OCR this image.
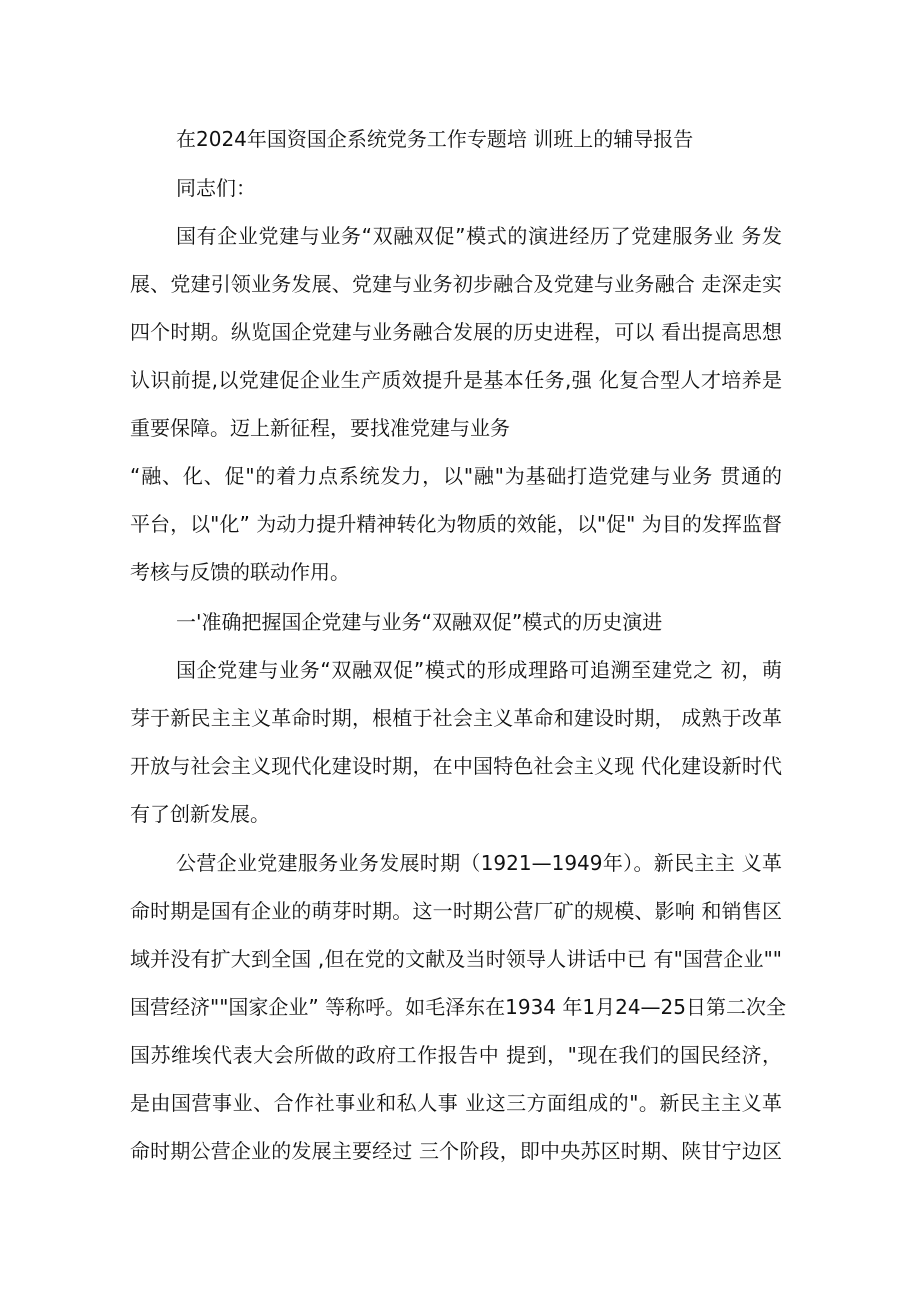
在2024年国资国企系统党务工作专题培 训班上的辅导报告
同志们：
国有企业党建与业务“双融双促”模式的演进经历了党建服务业 务发
展、党建引领业务发展、党建与业务初步融合及党建与业务融合 走深走实
四个时期。纵览国企党建与业务融合发展的历史进程，可以 看出提高思想
认识前提,以党建促企业生产质效提升是基本任务,强 化复合型人才培养是
重要保障。迈上新征程，要找准党建与业务
“融、化、促"的着力点系统发力，以"融"为基础打造党建与业务 贯通的
平台，以"化” 为动力提升精神转化为物质的效能，以"促" 为目的发挥监督
考核与反馈的联动作用。
一'准确把握国企党建与业务“双融双促”模式的历史演进
国企党建与业务“双融双促”模式的形成理路可追溯至建党之 初，萌
芽于新民主主义革命时期，根植于社会主义革命和建设时期， 成熟于改革
开放与社会主义现代化建设时期，在中国特色社会主义现 代化建设新时代
有了创新发展。
公营企业党建服务业务发展时期（1921—1949年）。新民主主 义革
命时期是国有企业的萌芽时期。这一时期公营厂矿的规模、影响 和销售区
域并没有扩大到全国 ,但在党的文献及当时领导人讲话中已 有"国营企业""
国营经济""国家企业” 等称呼。如毛泽东在1934 年1月24—25日第二次全
国苏维埃代表大会所做的政府工作报告中 提到，"现在我们的国民经济，
是由国营事业、合作社事业和私人事 业这三方面组成的"。新民主主义革
命时期公营企业的发展主要经过 三个阶段，即中央苏区时期、陕甘宁边区
